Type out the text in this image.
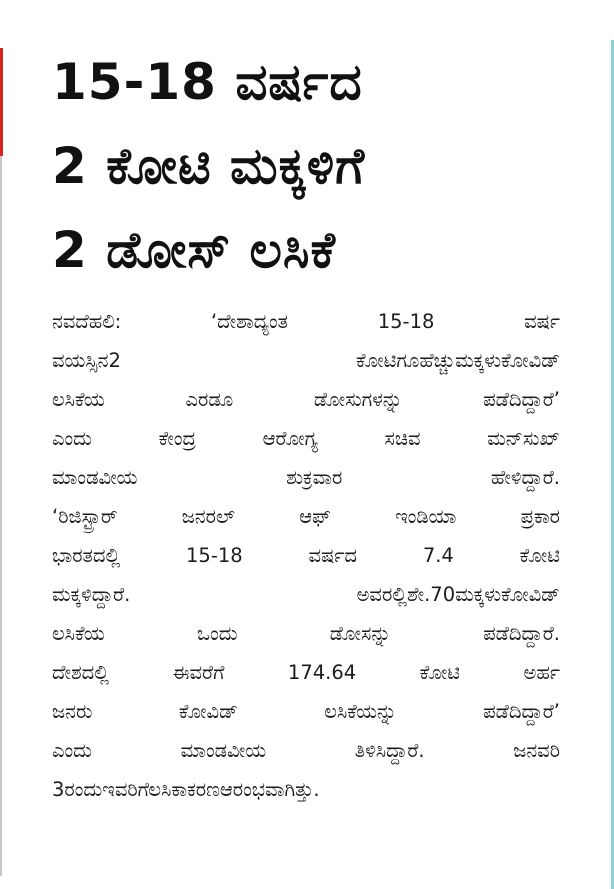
15-18 ವರ್ಷದ
2 ಕೋಟಿ ಮಕ್ಕಳಿಗೆ
2 ಡೋಸ್ ಲಸಿಕೆ
ನವದೆಹಲಿ: ‘ದೇಶಾದ್ಯಂತ 15-18 ವರ್ಷ
ವಯಸ್ಸಿನ2 ಕೋಟಿಗೂಹೆಚ್ಚುಮಕ್ಕಳುಕೋವಿಡ್
ಲಸಿಕೆಯ ಎರಡೂ ಡೋಸುಗಳನ್ನು ಪಡೆದಿದ್ದಾರೆ’
ಎಂದು ಕೇಂದ್ರ ಆರೋಗ್ಯ ಸಚಿವ ಮನ್‌ಸುಖ್
ಮಾಂಡವೀಯ ಶುಕ್ರವಾರ ಹೇಳಿದ್ದಾರೆ.
‘ರಿಜಿಸ್ಟ್ರಾರ್ ಜನರಲ್ ಆಫ್ ಇಂಡಿಯಾ ಪ್ರಕಾರ
ಭಾರತದಲ್ಲಿ 15-18 ವರ್ಷದ 7.4 ಕೋಟಿ
ಮಕ್ಕಳಿದ್ದಾರೆ. ಅವರಲ್ಲಿಶೇ.70ಮಕ್ಕಳುಕೋವಿಡ್
ಲಸಿಕೆಯ ಒಂದು ಡೋಸನ್ನು ಪಡೆದಿದ್ದಾರೆ.
ದೇಶದಲ್ಲಿ ಈವರೆಗೆ 174.64 ಕೋಟಿ ಅರ್ಹ
ಜನರು ಕೋವಿಡ್ ಲಸಿಕೆಯನ್ನು ಪಡೆದಿದ್ದಾರೆ’
ಎಂದು ಮಾಂಡವೀಯ ತಿಳಿಸಿದ್ದಾರೆ. ಜನವರಿ
3ರಂದುಇವರಿಗೆಲಸಿಕಾಕರಣಆರಂಭವಾಗಿತ್ತು.
